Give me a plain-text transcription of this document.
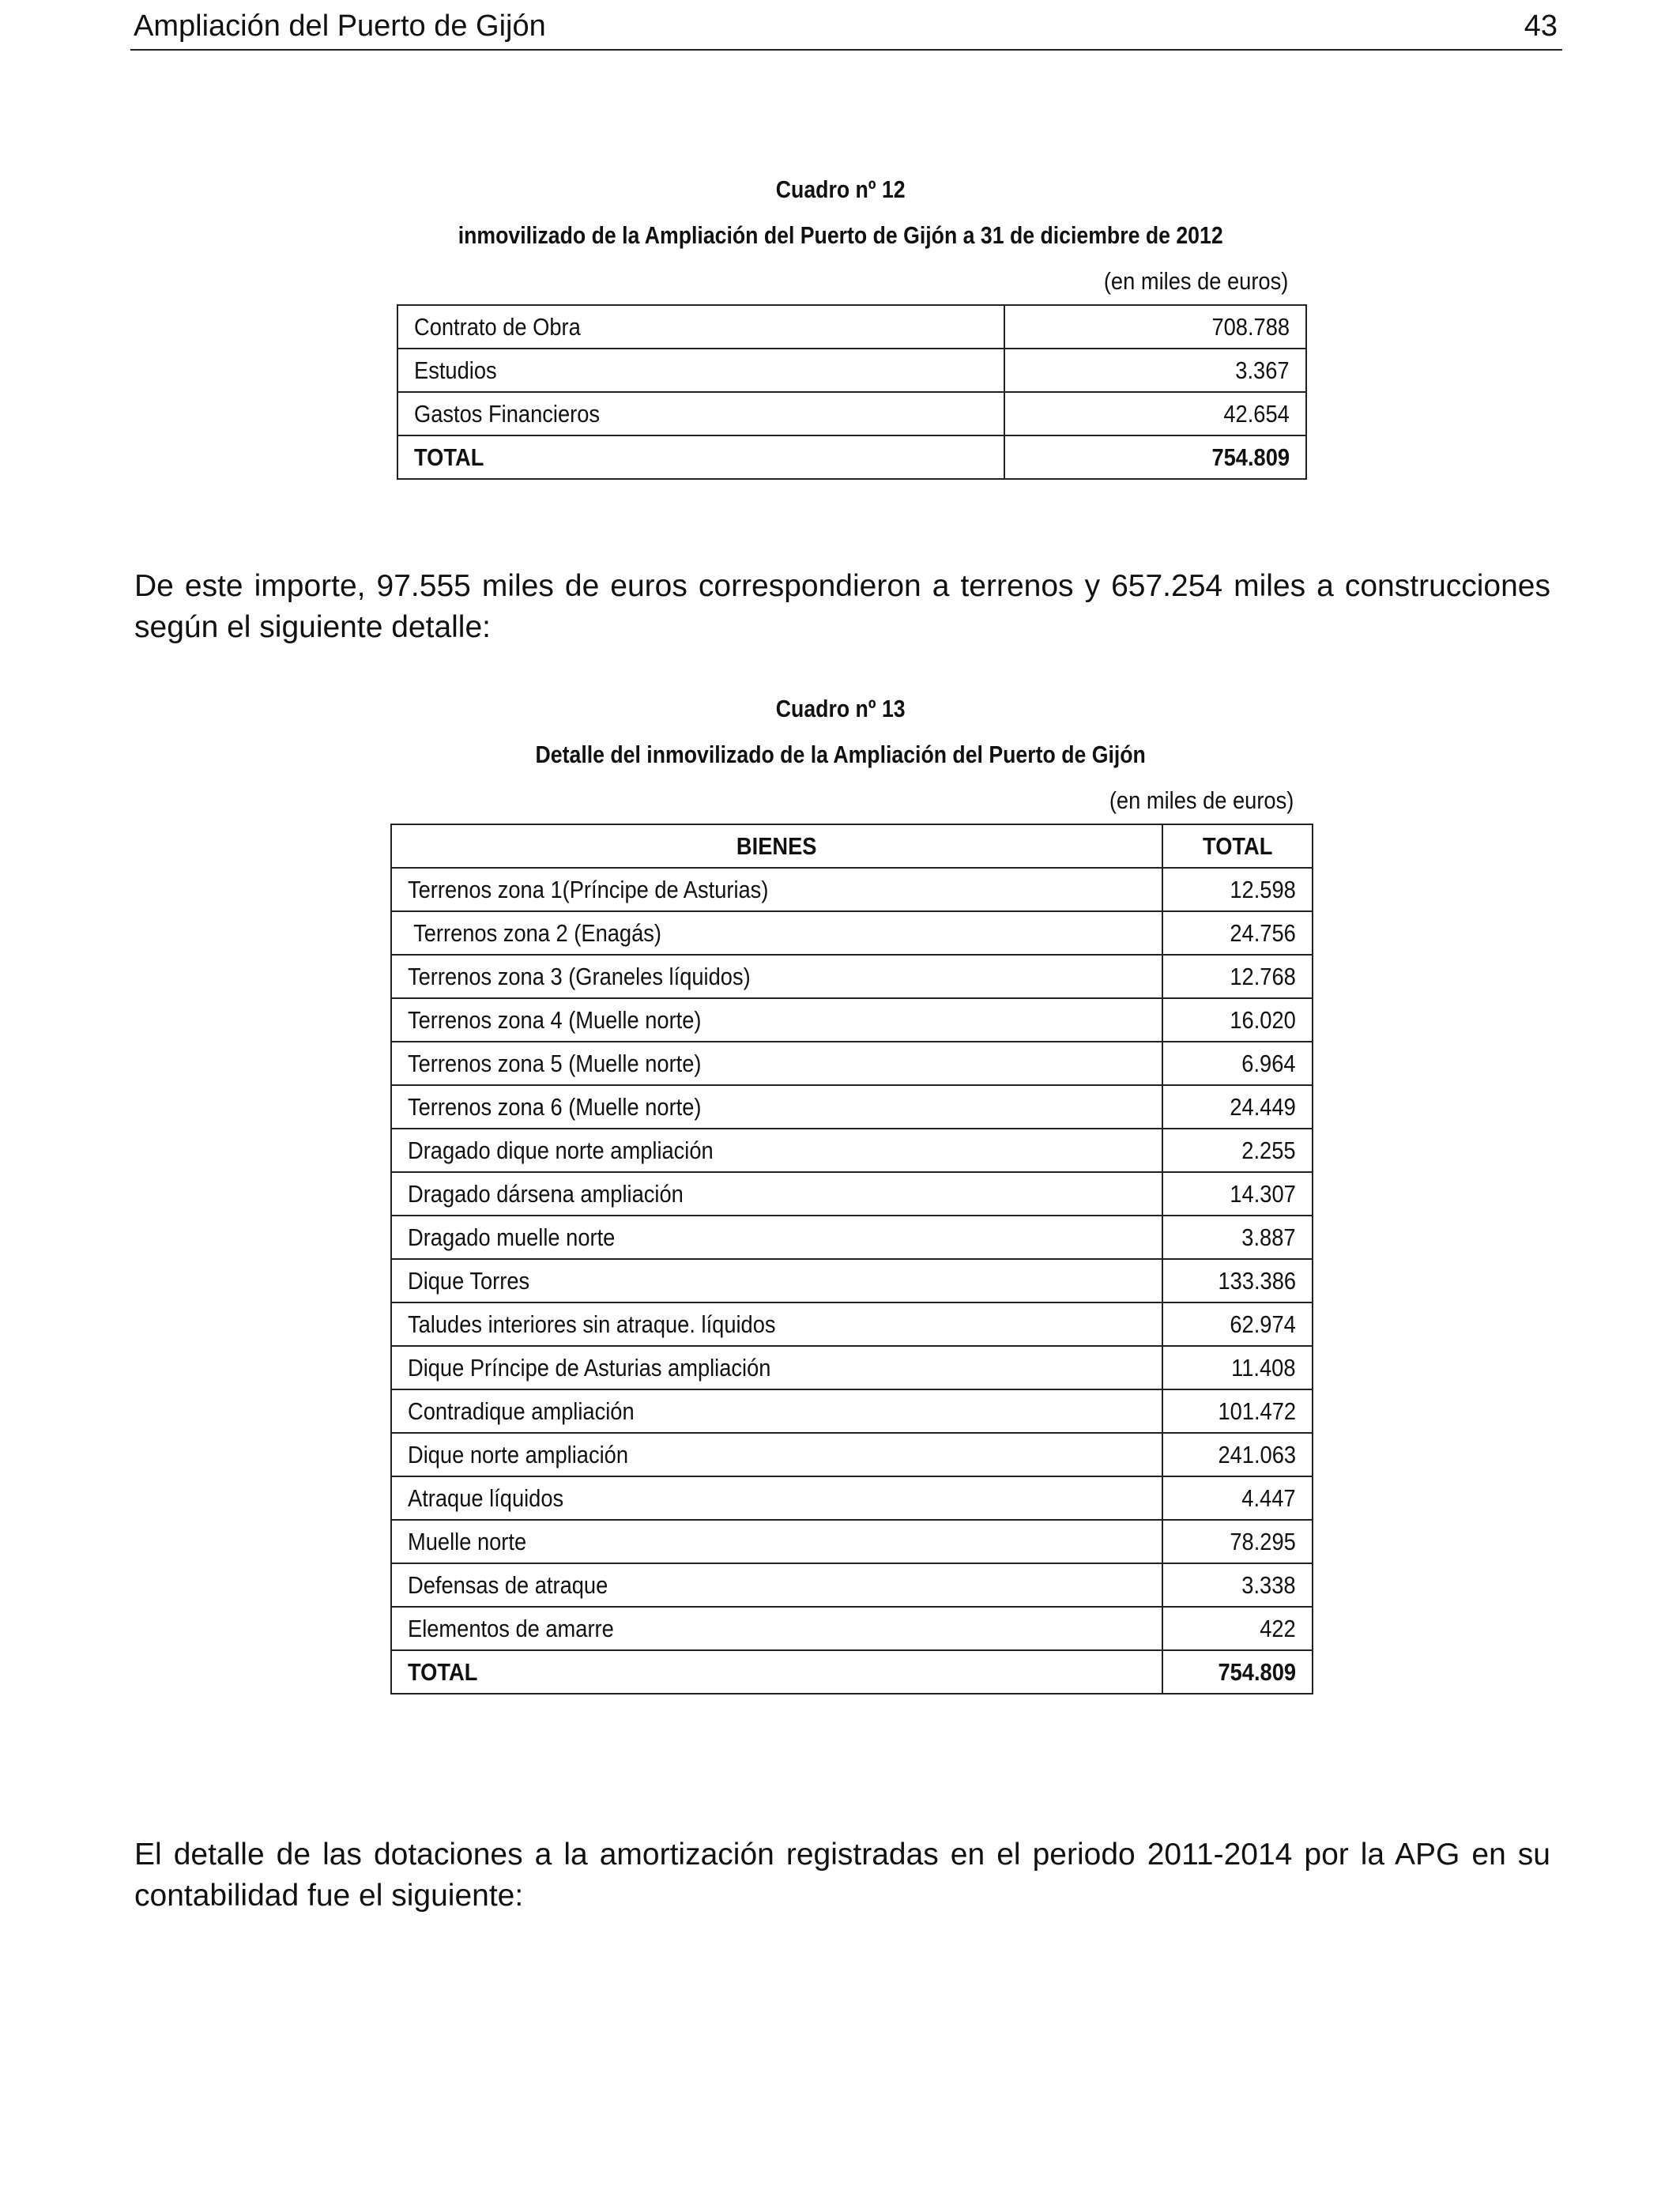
Ampliación del Puerto de Gijón	43
Cuadro nº 12
inmovilizado de la Ampliación del Puerto de Gijón a 31 de diciembre de 2012
(en miles de euros)
Contrato de Obra	708.788
Estudios	3.367
Gastos Financieros	42.654
TOTAL	754.809
De este importe, 97.555 miles de euros correspondieron a terrenos y 657.254 miles a construcciones según el siguiente detalle:
Cuadro nº 13
Detalle del inmovilizado de la Ampliación del Puerto de Gijón
(en miles de euros)
BIENES	TOTAL
Terrenos zona 1(Príncipe de Asturias)	12.598
Terrenos zona 2 (Enagás)	24.756
Terrenos zona 3 (Graneles líquidos)	12.768
Terrenos zona 4 (Muelle norte)	16.020
Terrenos zona 5 (Muelle norte)	6.964
Terrenos zona 6 (Muelle norte)	24.449
Dragado dique norte ampliación	2.255
Dragado dársena ampliación	14.307
Dragado muelle norte	3.887
Dique Torres	133.386
Taludes interiores sin atraque. líquidos	62.974
Dique Príncipe de Asturias ampliación	11.408
Contradique ampliación	101.472
Dique norte ampliación	241.063
Atraque líquidos	4.447
Muelle norte	78.295
Defensas de atraque	3.338
Elementos de amarre	422
TOTAL	754.809
El detalle de las dotaciones a la amortización registradas en el periodo 2011-2014 por la APG en su contabilidad fue el siguiente:
